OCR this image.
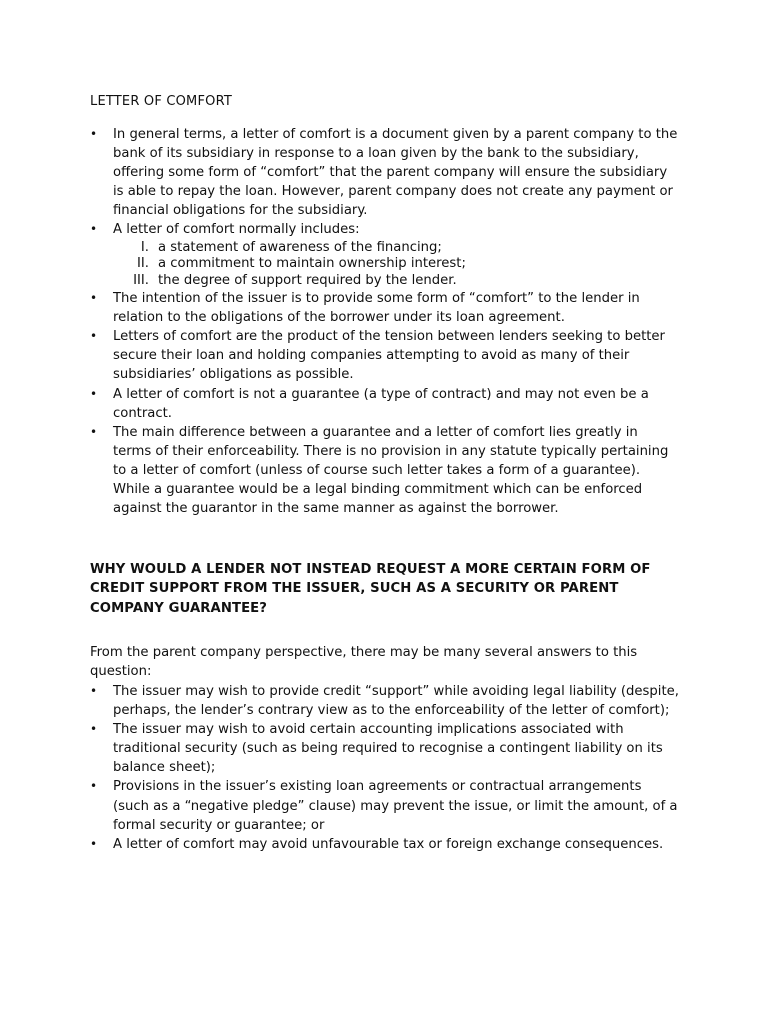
LETTER OF COMFORT
• In general terms, a letter of comfort is a document given by a parent company to the bank of its subsidiary in response to a loan given by the bank to the subsidiary, offering some form of “comfort” that the parent company will ensure the subsidiary is able to repay the loan. However, parent company does not create any payment or financial obligations for the subsidiary.
• A letter of comfort normally includes:
I. a statement of awareness of the financing;
II. a commitment to maintain ownership interest;
III. the degree of support required by the lender.
• The intention of the issuer is to provide some form of “comfort” to the lender in relation to the obligations of the borrower under its loan agreement.
• Letters of comfort are the product of the tension between lenders seeking to better secure their loan and holding companies attempting to avoid as many of their subsidiaries’ obligations as possible.
• A letter of comfort is not a guarantee (a type of contract) and may not even be a contract.
• The main difference between a guarantee and a letter of comfort lies greatly in terms of their enforceability. There is no provision in any statute typically pertaining to a letter of comfort (unless of course such letter takes a form of a guarantee). While a guarantee would be a legal binding commitment which can be enforced against the guarantor in the same manner as against the borrower.
WHY WOULD A LENDER NOT INSTEAD REQUEST A MORE CERTAIN FORM OF CREDIT SUPPORT FROM THE ISSUER, SUCH AS A SECURITY OR PARENT COMPANY GUARANTEE?

From the parent company perspective, there may be many several answers to this question:

• The issuer may wish to provide credit “support” while avoiding legal liability (despite, perhaps, the lender’s contrary view as to the enforceability of the letter of comfort);
• The issuer may wish to avoid certain accounting implications associated with traditional security (such as being required to recognise a contingent liability on its balance sheet);
• Provisions in the issuer’s existing loan agreements or contractual arrangements (such as a “negative pledge” clause) may prevent the issue, or limit the amount, of a formal security or guarantee; or
• A letter of comfort may avoid unfavourable tax or foreign exchange consequences.
